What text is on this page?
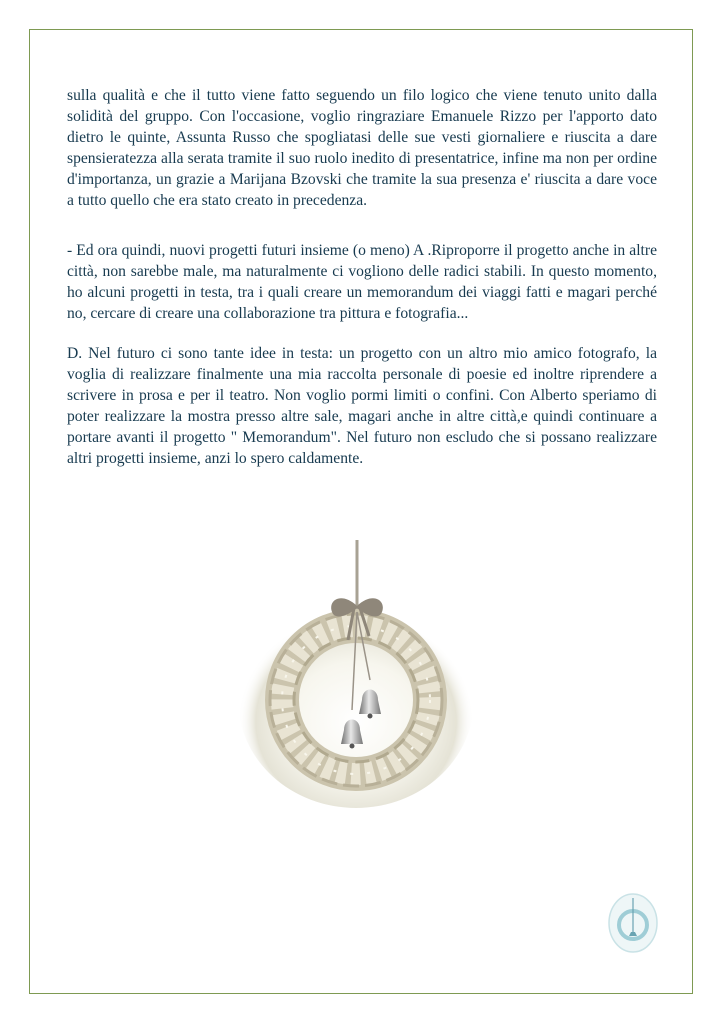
sulla qualità e che il tutto viene fatto seguendo un filo logico che viene tenuto unito dalla solidità del gruppo. Con l'occasione, voglio ringraziare Emanuele Rizzo per l'apporto dato dietro le quinte, Assunta Russo che spogliatasi delle sue vesti giornaliere e riuscita a dare spensieratezza alla serata tramite il suo ruolo inedito di presentatrice, infine ma non per ordine d'importanza, un grazie a Marijana Bzovski che tramite la sua presenza e' riuscita a dare voce a tutto quello che era stato creato in precedenza.

- Ed ora quindi, nuovi progetti futuri insieme (o meno) A .Riproporre il progetto anche in altre città, non sarebbe male, ma naturalmente ci vogliono delle radici stabili. In questo momento, ho alcuni progetti in testa, tra i quali creare un memorandum dei viaggi fatti e magari perché no, cercare di creare una collaborazione tra pittura e fotografia...

D. Nel futuro ci sono tante idee in testa: un progetto con un altro mio amico fotografo, la voglia di realizzare finalmente una mia raccolta personale di poesie ed inoltre riprendere a scrivere in prosa e per il teatro. Non voglio pormi limiti o confini. Con Alberto speriamo di poter realizzare la mostra presso altre sale, magari anche in altre città,e quindi continuare a portare avanti il progetto " Memorandum". Nel futuro non escludo che si possano realizzare altri progetti insieme, anzi lo spero caldamente.
